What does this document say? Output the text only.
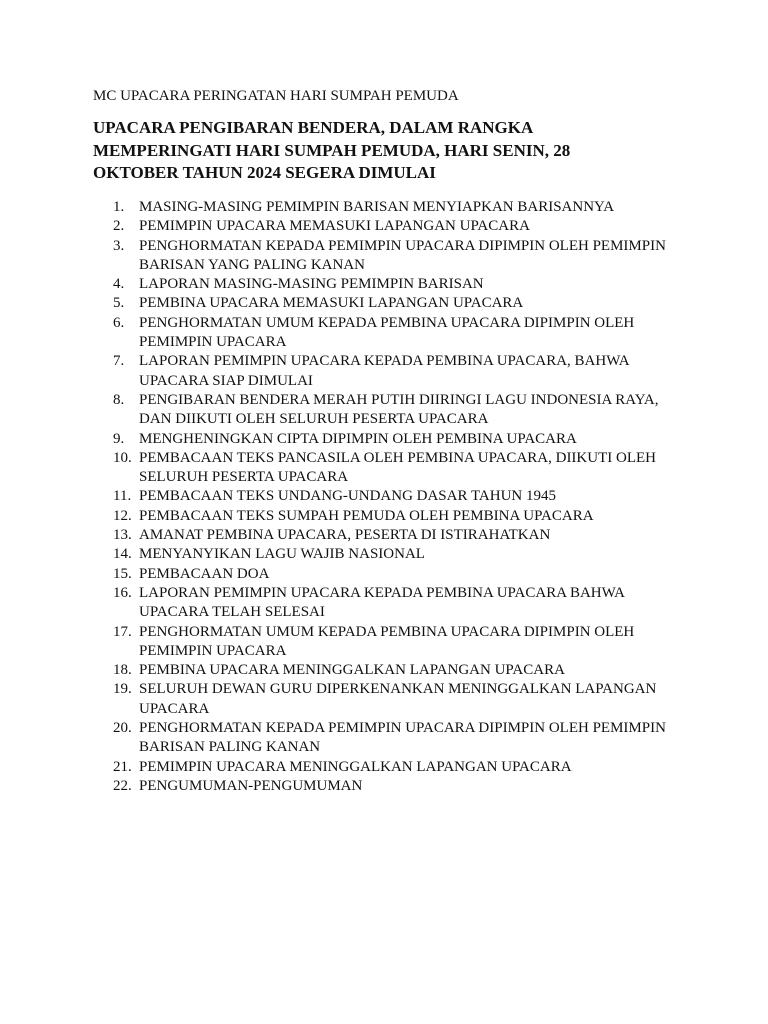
MC UPACARA PERINGATAN HARI SUMPAH PEMUDA
UPACARA PENGIBARAN BENDERA, DALAM RANGKA MEMPERINGATI HARI SUMPAH PEMUDA, HARI SENIN, 28 OKTOBER TAHUN 2024 SEGERA DIMULAI
1. MASING-MASING PEMIMPIN BARISAN MENYIAPKAN BARISANNYA
2. PEMIMPIN UPACARA MEMASUKI LAPANGAN UPACARA
3. PENGHORMATAN KEPADA PEMIMPIN UPACARA DIPIMPIN OLEH PEMIMPIN BARISAN YANG PALING KANAN
4. LAPORAN MASING-MASING PEMIMPIN BARISAN
5. PEMBINA UPACARA MEMASUKI LAPANGAN UPACARA
6. PENGHORMATAN UMUM KEPADA PEMBINA UPACARA DIPIMPIN OLEH PEMIMPIN UPACARA
7. LAPORAN PEMIMPIN UPACARA KEPADA PEMBINA UPACARA, BAHWA UPACARA SIAP DIMULAI
8. PENGIBARAN BENDERA MERAH PUTIH DIIRINGI LAGU INDONESIA RAYA, DAN DIIKUTI OLEH SELURUH PESERTA UPACARA
9. MENGHENINGKAN CIPTA DIPIMPIN OLEH PEMBINA UPACARA
10. PEMBACAAN TEKS PANCASILA OLEH PEMBINA UPACARA, DIIKUTI OLEH SELURUH PESERTA UPACARA
11. PEMBACAAN TEKS UNDANG-UNDANG DASAR TAHUN 1945
12. PEMBACAAN TEKS SUMPAH PEMUDA OLEH PEMBINA UPACARA
13. AMANAT PEMBINA UPACARA, PESERTA DI ISTIRAHATKAN
14. MENYANYIKAN LAGU WAJIB NASIONAL
15. PEMBACAAN DOA
16. LAPORAN PEMIMPIN UPACARA KEPADA PEMBINA UPACARA BAHWA UPACARA TELAH SELESAI
17. PENGHORMATAN UMUM KEPADA PEMBINA UPACARA DIPIMPIN OLEH PEMIMPIN UPACARA
18. PEMBINA UPACARA MENINGGALKAN LAPANGAN UPACARA
19. SELURUH DEWAN GURU DIPERKENANKAN MENINGGALKAN LAPANGAN UPACARA
20. PENGHORMATAN KEPADA PEMIMPIN UPACARA DIPIMPIN OLEH PEMIMPIN BARISAN PALING KANAN
21. PEMIMPIN UPACARA MENINGGALKAN LAPANGAN UPACARA
22. PENGUMUMAN-PENGUMUMAN
